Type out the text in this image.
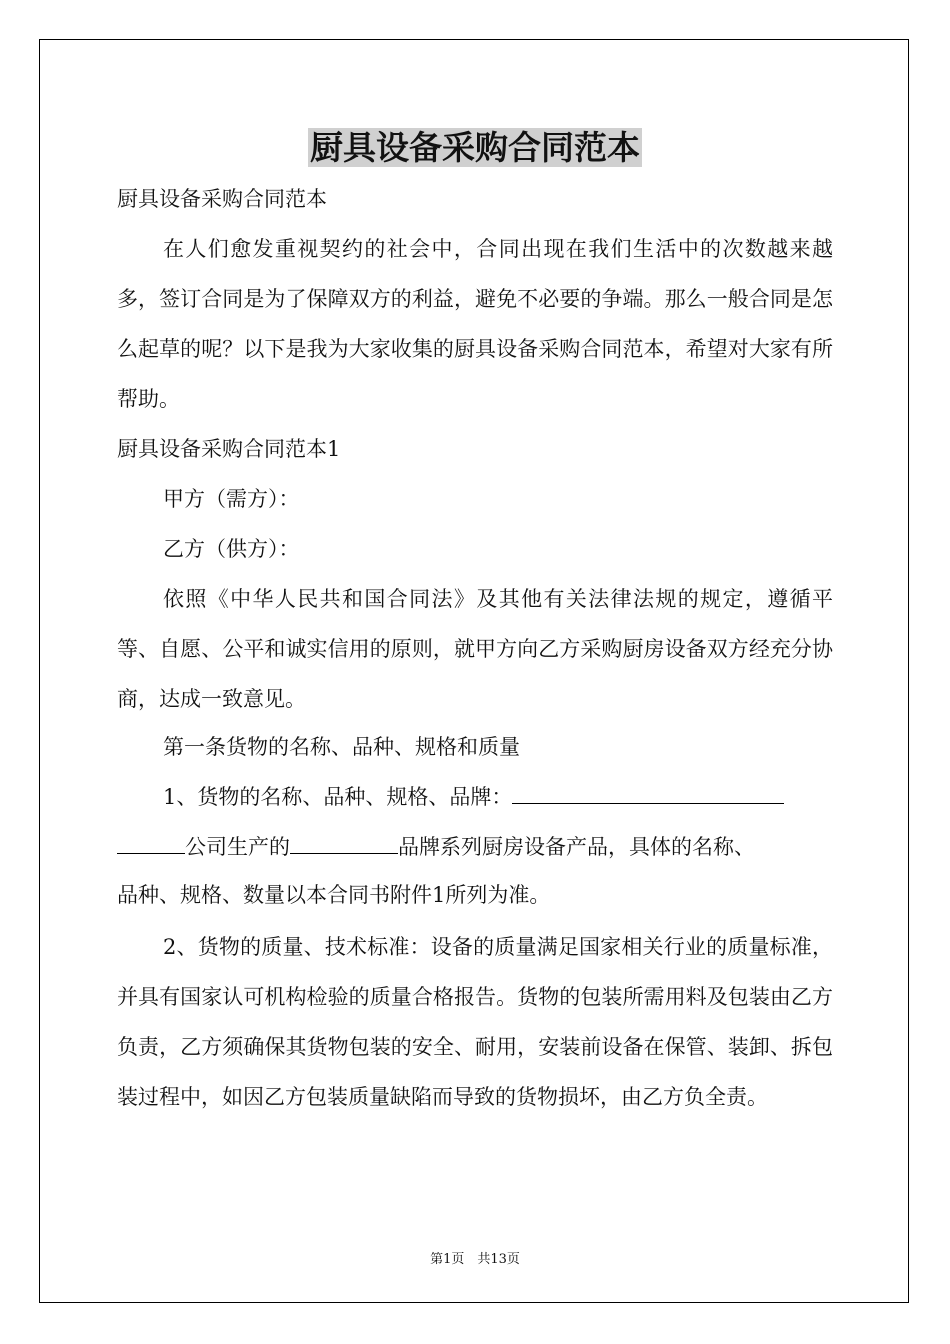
厨具设备采购合同范本

厨具设备采购合同范本

在人们愈发重视契约的社会中，合同出现在我们生活中的次数越来越多，签订合同是为了保障双方的利益，避免不必要的争端。那么一般合同是怎么起草的呢？以下是我为大家收集的厨具设备采购合同范本，希望对大家有所帮助。

厨具设备采购合同范本1

甲方（需方）：

乙方（供方）：

依照《中华人民共和国合同法》及其他有关法律法规的规定，遵循平等、自愿、公平和诚实信用的原则，就甲方向乙方采购厨房设备双方经充分协商，达成一致意见。

第一条货物的名称、品种、规格和质量

1、货物的名称、品种、规格、品牌：

公司生产的	品牌系列厨房设备产品，具体的名称、

品种、规格、数量以本合同书附件1所列为准。

2、货物的质量、技术标准：设备的质量满足国家相关行业的质量标准，并具有国家认可机构检验的质量合格报告。货物的包装所需用料及包装由乙方负责，乙方须确保其货物包装的安全、耐用，安装前设备在保管、装卸、拆包装过程中，如因乙方包装质量缺陷而导致的货物损坏，由乙方负全责。

第1页　共13页
